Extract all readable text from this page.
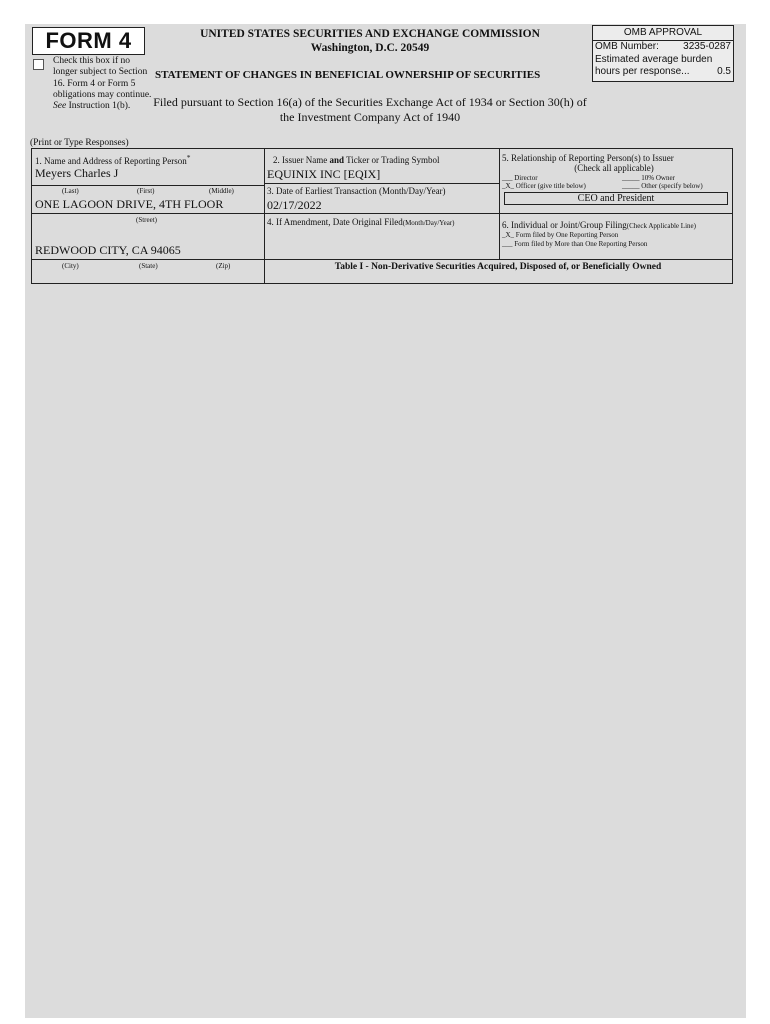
FORM 4
Check this box if no longer subject to Section 16. Form 4 or Form 5 obligations may continue. See Instruction 1(b).
UNITED STATES SECURITIES AND EXCHANGE COMMISSION
Washington, D.C. 20549
OMB APPROVAL
OMB Number: 3235-0287
Estimated average burden
hours per response...	0.5
STATEMENT OF CHANGES IN BENEFICIAL OWNERSHIP OF SECURITIES
Filed pursuant to Section 16(a) of the Securities Exchange Act of 1934 or Section 30(h) of
the Investment Company Act of 1940
(Print or Type Responses)
1. Name and Address of Reporting Person*
Meyers Charles J
(Last)	(First)	(Middle)
ONE LAGOON DRIVE, 4TH FLOOR
(Street)
REDWOOD CITY, CA 94065
(City)	(State)	(Zip)
2. Issuer Name and Ticker or Trading Symbol
EQUINIX INC [EQIX]
3. Date of Earliest Transaction (Month/Day/Year)
02/17/2022
4. If Amendment, Date Original Filed(Month/Day/Year)
5. Relationship of Reporting Person(s) to Issuer
(Check all applicable)
___ Director	_____ 10% Owner
_X_ Officer (give title below)	_____ Other (specify below)
CEO and President
6. Individual or Joint/Group Filing(Check Applicable Line)
_X_ Form filed by One Reporting Person
___ Form filed by More than One Reporting Person
Table I - Non-Derivative Securities Acquired, Disposed of, or Beneficially Owned
